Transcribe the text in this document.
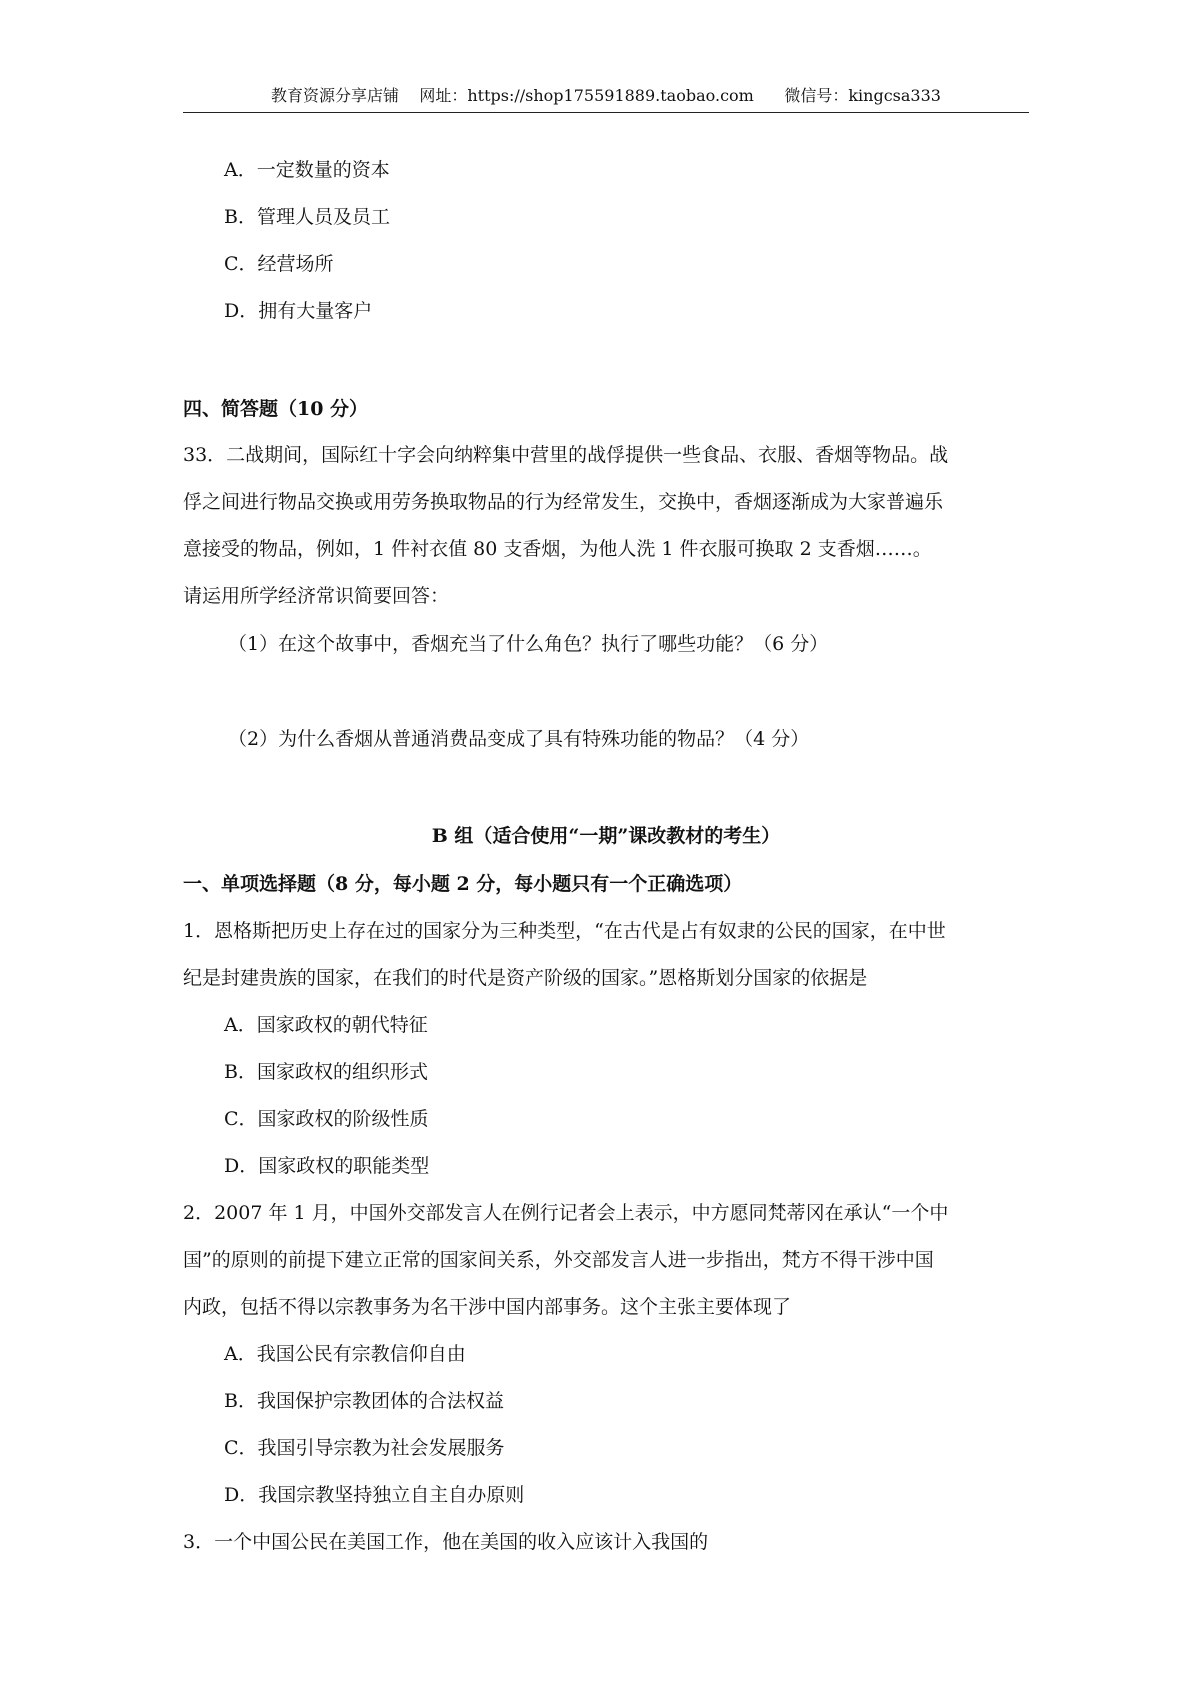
教育资源分享店铺 网址：https://shop175591889.taobao.com 微信号：kingcsa333
A．一定数量的资本
B．管理人员及员工
C．经营场所
D．拥有大量客户
四、简答题（10 分）
33．二战期间，国际红十字会向纳粹集中营里的战俘提供一些食品、衣服、香烟等物品。战
俘之间进行物品交换或用劳务换取物品的行为经常发生，交换中，香烟逐渐成为大家普遍乐
意接受的物品，例如，1 件衬衣值 80 支香烟，为他人洗 1 件衣服可换取 2 支香烟……。
请运用所学经济常识简要回答：
（1）在这个故事中，香烟充当了什么角色？执行了哪些功能？（6 分）
（2）为什么香烟从普通消费品变成了具有特殊功能的物品？（4 分）
B 组（适合使用“一期”课改教材的考生）
一、单项选择题（8 分，每小题 2 分，每小题只有一个正确选项）
1．恩格斯把历史上存在过的国家分为三种类型，“在古代是占有奴隶的公民的国家，在中世
纪是封建贵族的国家，在我们的时代是资产阶级的国家。”恩格斯划分国家的依据是
A．国家政权的朝代特征
B．国家政权的组织形式
C．国家政权的阶级性质
D．国家政权的职能类型
2．2007 年 1 月，中国外交部发言人在例行记者会上表示，中方愿同梵蒂冈在承认“一个中
国”的原则的前提下建立正常的国家间关系，外交部发言人进一步指出，梵方不得干涉中国
内政，包括不得以宗教事务为名干涉中国内部事务。这个主张主要体现了
A．我国公民有宗教信仰自由
B．我国保护宗教团体的合法权益
C．我国引导宗教为社会发展服务
D．我国宗教坚持独立自主自办原则
3．一个中国公民在美国工作，他在美国的收入应该计入我国的
